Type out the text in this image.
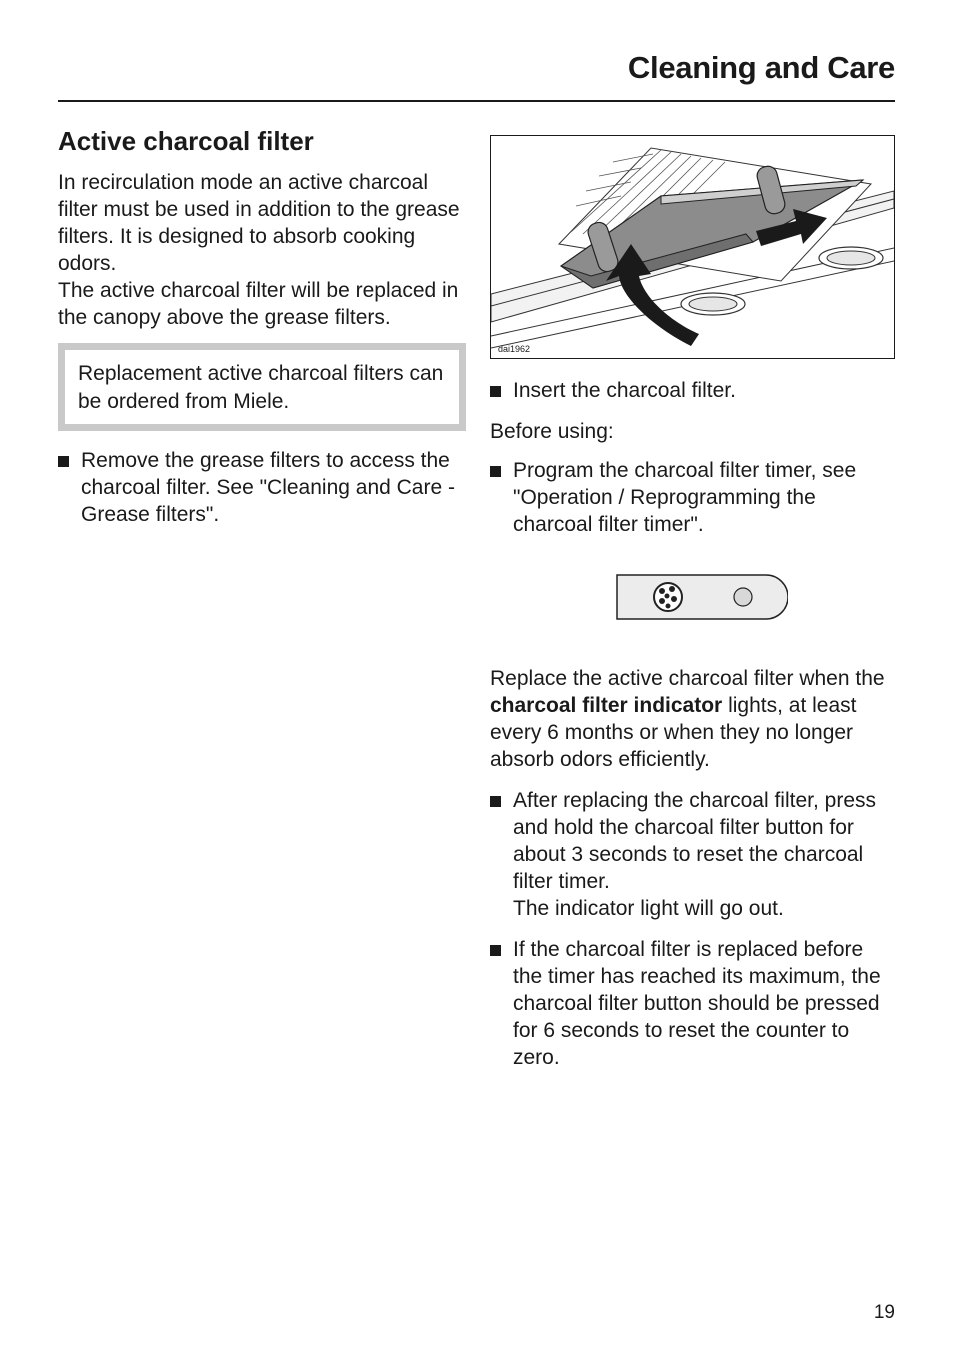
Cleaning and Care
Active charcoal filter

In recirculation mode an active charcoal filter must be used in addition to the grease filters. It is designed to absorb cooking odors.

The active charcoal filter will be replaced in the canopy above the grease filters.

Replacement active charcoal filters can be ordered from Miele.

Remove the grease filters to access the charcoal filter. See "Cleaning and Care - Grease filters".
dai1962
Insert the charcoal filter.

Before using:

Program the charcoal filter timer, see "Operation / Reprogramming the charcoal filter timer".

Replace the active charcoal filter when the charcoal filter indicator lights, at least every 6 months or when they no longer absorb odors efficiently.

After replacing the charcoal filter, press and hold the charcoal filter button for about 3 seconds to reset the charcoal filter timer.
The indicator light will go out.
If the charcoal filter is replaced before the timer has reached its maximum, the charcoal filter button should be pressed for 6 seconds to reset the counter to zero.
19
